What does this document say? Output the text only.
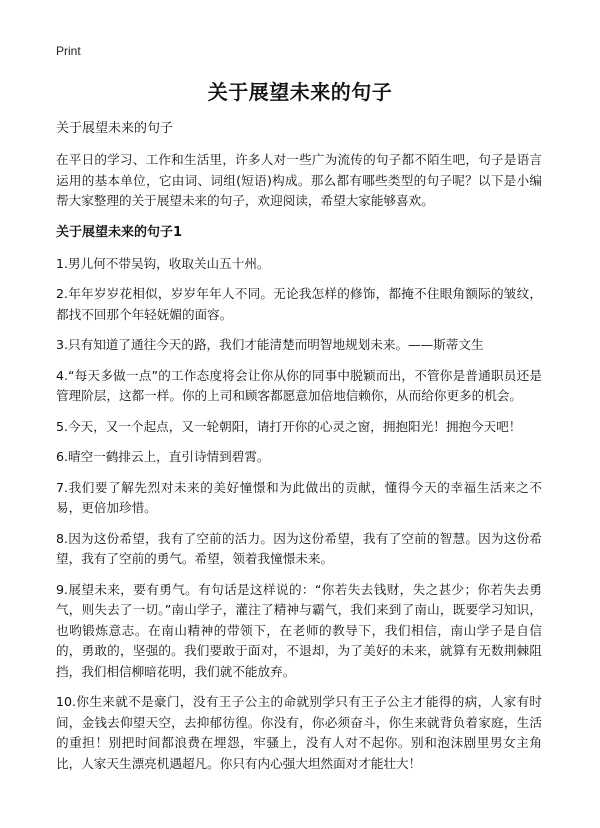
Print
关于展望未来的句子

关于展望未来的句子

在平日的学习、工作和生活里，许多人对一些广为流传的句子都不陌生吧，句子是语言运用的基本单位，它由词、词组(短语)构成。那么都有哪些类型的句子呢？以下是小编帮大家整理的关于展望未来的句子，欢迎阅读，希望大家能够喜欢。

关于展望未来的句子1

1.男儿何不带吴钩，收取关山五十州。

2.年年岁岁花相似，岁岁年年人不同。无论我怎样的修饰，都掩不住眼角额际的皱纹，都找不回那个年轻妩媚的面容。

3.只有知道了通往今天的路，我们才能清楚而明智地规划未来。——斯蒂文生

4.“每天多做一点”的工作态度将会让你从你的同事中脱颖而出，不管你是普通职员还是管理阶层，这都一样。你的上司和顾客都愿意加倍地信赖你，从而给你更多的机会。

5.今天，又一个起点，又一轮朝阳，请打开你的心灵之窗，拥抱阳光！拥抱今天吧！

6.晴空一鹤排云上，直引诗情到碧霄。

7.我们要了解先烈对未来的美好憧憬和为此做出的贡献，懂得今天的幸福生活来之不易，更倍加珍惜。

8.因为这份希望，我有了空前的活力。因为这份希望，我有了空前的智慧。因为这份希望，我有了空前的勇气。希望，领着我憧憬未来。

9.展望未来，要有勇气。有句话是这样说的：“你若失去钱财，失之甚少；你若失去勇气，则失去了一切。”南山学子，灌注了精神与霸气，我们来到了南山，既要学习知识，也哟锻炼意志。在南山精神的带领下，在老师的教导下，我们相信，南山学子是自信的，勇敢的，坚强的。我们要敢于面对，不退却，为了美好的未来，就算有无数荆棘阻挡，我们相信柳暗花明，我们就不能放弃。

10.你生来就不是豪门，没有王子公主的命就别学只有王子公主才能得的病，人家有时间，金钱去仰望天空，去抑郁彷徨。你没有，你必须奋斗，你生来就背负着家庭，生活的重担！别把时间都浪费在埋怨，牢骚上，没有人对不起你。别和泡沫剧里男女主角比，人家天生漂亮机遇超凡。你只有内心强大坦然面对才能壮大！
